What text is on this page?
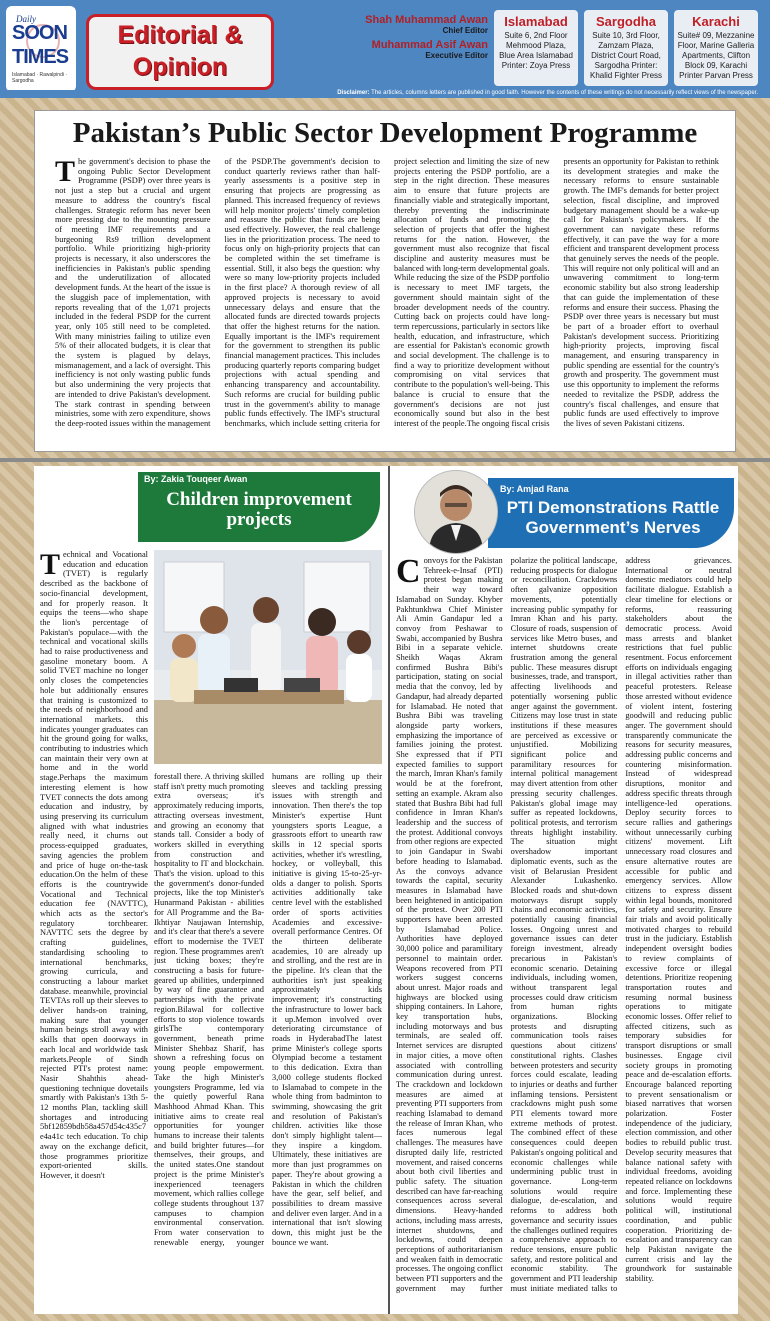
Daily
SOON
TIMES
Islamabad · Rawalpindi · Sargodha
Editorial &
Opinion
Shah Muhammad Awan
Chief Editor
Muhammad Asif Awan
Executive Editor
Islamabad
Suite 6, 2nd Floor Mehmood Plaza, Blue Area Islamabad Printer: Zoya Press
Sargodha
Suite 10, 3rd Floor, Zamzam Plaza, District Court Road, Sargodha Printer: Khalid Fighter Press
Karachi
Suite# 09, Mezzanine Floor, Marine Galleria Apartments, Clifton Block 09, Karachi Printer Parvan Press
Disclaimer: The articles, columns letters are published in good faith. However the contents of these writings do not necessarily reflect views of the newspaper.
Pakistan’s Public Sector Development Programme

The government's decision to phase the ongoing Public Sector Development Programme (PSDP) over three years is not just a step but a crucial and urgent measure to address the country's fiscal challenges. Strategic reform has never been more pressing due to the mounting pressure of meeting IMF requirements and a burgeoning Rs9 trillion development portfolio. While prioritizing high-priority projects is necessary, it also underscores the inefficiencies in Pakistan's public spending and the underutilization of allocated development funds. At the heart of the issue is the sluggish pace of implementation, with reports revealing that of the 1,071 projects included in the federal PSDP for the current year, only 105 still need to be completed. With many ministries failing to utilize even 5% of their allocated budgets, it is clear that the system is plagued by delays, mismanagement, and a lack of oversight. This inefficiency is not only wasting public funds but also undermining the very projects that are intended to drive Pakistan's development. The stark contrast in spending between ministries, some with zero expenditure, shows the deep-rooted issues within the management of the PSDP.The government's decision to conduct quarterly reviews rather than half-yearly assessments is a positive step in ensuring that projects are progressing as planned. This increased frequency of reviews will help monitor projects' timely completion and reassure the public that funds are being used effectively. However, the real challenge lies in the prioritization process. The need to focus only on high-priority projects that can be completed within the set timeframe is essential. Still, it also begs the question: why were so many low-priority projects included in the first place? A thorough review of all approved projects is necessary to avoid unnecessary delays and ensure that the allocated funds are directed towards projects that offer the highest returns for the nation. Equally important is the IMF's requirement for the government to strengthen its public financial management practices. This includes producing quarterly reports comparing budget projections with actual spending and enhancing transparency and accountability. Such reforms are crucial for building public trust in the government's ability to manage public funds effectively. The IMF's structural benchmarks, which include setting criteria for project selection and limiting the size of new projects entering the PSDP portfolio, are a step in the right direction. These measures aim to ensure that future projects are financially viable and strategically important, thereby preventing the indiscriminate allocation of funds and promoting the selection of projects that offer the highest returns for the nation. However, the government must also recognize that fiscal discipline and austerity measures must be balanced with long-term developmental goals. While reducing the size of the PSDP portfolio is necessary to meet IMF targets, the government should maintain sight of the broader development needs of the country. Cutting back on projects could have long-term repercussions, particularly in sectors like health, education, and infrastructure, which are essential for Pakistan's economic growth and social development. The challenge is to find a way to prioritize development without compromising on vital services that contribute to the population's well-being. This balance is crucial to ensure that the government's decisions are not just economically sound but also in the best interest of the people.The ongoing fiscal crisis presents an opportunity for Pakistan to rethink its development strategies and make the necessary reforms to ensure sustainable growth. The IMF's demands for better project selection, fiscal discipline, and improved budgetary management should be a wake-up call for Pakistan's policymakers. If the government can navigate these reforms effectively, it can pave the way for a more efficient and transparent development process that genuinely serves the needs of the people. This will require not only political will and an unwavering commitment to long-term economic stability but also strong leadership that can guide the implementation of these reforms and ensure their success. Phasing the PSDP over three years is necessary but must be part of a broader effort to overhaul Pakistan's development success. Prioritizing high-priority projects, improving fiscal management, and ensuring transparency in public spending are essential for the country's growth and prosperity. The government must use this opportunity to implement the reforms needed to revitalize the PSDP, address the country's fiscal challenges, and ensure that public funds are used effectively to improve the lives of seven Pakistani citizens.

By: Zakia Touqeer Awan
Children improvement projects

Technical and Vocational education and education (TVET) is regularly described as the backbone of socio-financial development, and for properly reason. It equips the teens—who shape the lion's percentage of Pakistan's populace—with the technical and vocational skills had to raise productiveness and gasoline monetary boom. A solid TVET machine no longer only closes the competencies hole but additionally ensures that training is customized to the needs of neighborhood and international markets. this indicates younger graduates can hit the ground going for walks, contributing to industries which can maintain their very own at home and in the world stage.Perhaps the maximum interesting element is how TVET connects the dots among education and industry, by using preserving its curriculum aligned with what industries really need, it churns out process-equipped graduates, saving agencies the problem and price of huge on-the-task education.On the helm of these efforts is the countrywide Vocational and Technical education fee (NAVTTC), which acts as the sector's regulatory torchbearer. NAVTTC sets the degree by crafting guidelines, standardising schooling to international benchmarks, growing curricula, and constructing a labour market database. meanwhile, provincial TEVTAs roll up their sleeves to deliver hands-on training, making sure that younger human beings stroll away with skills that open doorways in each local and worldwide task markets.People of Sindh rejected PTI's protest name: Nasir Shahthis ahead-questioning technique dovetails smartly with Pakistan's 13th 5-12 months Plan, tackling skill shortages and introducing 5bf12859bdb58a457d54c435c7 e4a41c tech education. To chip away on the exchange deficit, those programmes prioritize export-oriented skills. However, it doesn't

forestall there. A thriving skilled staff isn't pretty much promoting extra overseas; it's approximately reducing imports, attracting overseas investment, and growing an economy that stands tall. Consider a body of workers skilled in everything from construction and hospitality to IT and blockchain. That's the vision. upload to this the government's donor-funded projects, like the top Minister's Hunarmand Pakistan - abilities for All Programme and the Ba-Ikhtiyar Naujawan Internship, and it's clear that there's a severe effort to modernise the TVET region. These programmes aren't just ticking boxes; they're constructing a basis for future-geared up abilities, underpinned by way of fine guarantee and partnerships with the private region.Bilawal for collective efforts to stop violence towards girlsThe contemporary government, beneath prime Minister Shehbaz Sharif, has shown a refreshing focus on young people empowerment. Take the high Minister's youngsters Programme, led via the quietly powerful Rana Mashhood Ahmad Khan. This initiative aims to create real opportunities for younger humans to increase their talents and build brighter futures—for themselves, their groups, and the united states.One standout project is the prime Minister's inexperienced teenagers movement, which rallies college college students throughout 137 campuses to champion environmental conservation. From water conservation to renewable energy, younger humans are rolling up their sleeves and tackling pressing issues with strength and innovation. Then there's the top Minister's expertise Hunt youngsters sports League, a grassroots effort to unearth raw skills in 12 special sports activities, whether it's wrestling, hockey, or volleyball, this initiative is giving 15-to-25-yr-olds a danger to polish. Sports activities additionally take centre level with the established order of sports activities Academies and excessive-overall performance Centres. Of the thirteen deliberate academies, 10 are already up and strolling, and the rest are in the pipeline. It's clean that the authorities isn't just speaking approximately kids improvement; it's constructing the infrastructure to lower back it up.Memon involved over deteriorating circumstance of roads in HyderabadThe latest prime Minister's college sports Olympiad become a testament to this dedication. Extra than 3,000 college students flocked to Islamabad to compete in the whole thing from badminton to swimming, showcasing the grit and resolution of Pakistan's children. activities like those don't simply highlight talent—they inspire a kingdom. Ultimately, these initiatives are more than just programmes on paper. They're about growing a Pakistan in which the children have the gear, self belief, and possibilities to dream massive and deliver even larger. And in a international that isn't slowing down, this might just be the bounce we want.

By: Amjad Rana
PTI Demonstrations Rattle Government’s Nerves

Convoys for the Pakistan Tehreek-e-Insaf (PTI) protest began making their way toward Islamabad on Sunday. Khyber Pakhtunkhwa Chief Minister Ali Amin Gandapur led a convoy from Peshawar to Swabi, accompanied by Bushra Bibi in a separate vehicle. Sheikh Waqas Akram confirmed Bushra Bibi's participation, stating on social media that the convoy, led by Gandapur, had already departed for Islamabad. He noted that Bushra Bibi was traveling alongside party workers, emphasizing the importance of families joining the protest. She expressed that if PTI expected families to support the march, Imran Khan's family would be at the forefront, setting an example. Akram also stated that Bushra Bibi had full confidence in Imran Khan's leadership and the success of the protest. Additional convoys from other regions are expected to join Gandapur in Swabi before heading to Islamabad. As the convoys advance towards the capital, security measures in Islamabad have been heightened in anticipation of the protest. Over 200 PTI supporters have been arrested by Islamabad Police. Authorities have deployed 30,000 police and paramilitary personnel to maintain order. Weapons recovered from PTI workers suggest concerns about unrest. Major roads and highways are blocked using shipping containers. In Lahore, key transportation hubs, including motorways and bus terminals, are sealed off. Internet services are disrupted in major cities, a move often associated with controlling communication during unrest. The crackdown and lockdown measures are aimed at preventing PTI supporters from reaching Islamabad to demand the release of Imran Khan, who faces numerous legal challenges. The measures have disrupted daily life, restricted movement, and raised concerns about both civil liberties and public safety. The situation described can have far-reaching consequences across several dimensions. Heavy-handed actions, including mass arrests, internet shutdowns, and lockdowns, could deepen perceptions of authoritarianism and weaken faith in democratic processes. The ongoing conflict between PTI supporters and the government may further polarize the political landscape, reducing prospects for dialogue or reconciliation. Crackdowns often galvanize opposition movements, potentially increasing public sympathy for Imran Khan and his party. Closure of roads, suspension of services like Metro buses, and internet shutdowns create frustration among the general public. These measures disrupt businesses, trade, and transport, affecting livelihoods and potentially worsening public anger against the government. Citizens may lose trust in state institutions if these measures are perceived as excessive or unjustified. Mobilizing significant police and paramilitary resources for internal political management may divert attention from other pressing security challenges. Pakistan's global image may suffer as repeated lockdowns, political protests, and terrorism threats highlight instability. The situation might overshadow important diplomatic events, such as the visit of Belarusian President Alexander Lukashenko. Blocked roads and shut-down motorways disrupt supply chains and economic activities, potentially causing financial losses. Ongoing unrest and governance issues can deter foreign investment, already precarious in Pakistan's economic scenario. Detaining individuals, including women, without transparent legal processes could draw criticism from human rights organizations. Blocking protests and disrupting communication tools raises questions about citizens' constitutional rights. Clashes between protesters and security forces could escalate, leading to injuries or deaths and further inflaming tensions. Persistent crackdowns might push some PTI elements toward more extreme methods of protest. The combined effect of these consequences could deepen Pakistan's ongoing political and economic challenges while undermining public trust in governance. Long-term solutions would require dialogue, de-escalation, and reforms to address both governance and security issues the challenges outlined requires a comprehensive approach to reduce tensions, ensure public safety, and restore political and economic stability. The government and PTI leadership must initiate mediated talks to address grievances. International or neutral domestic mediators could help facilitate dialogue. Establish a clear timeline for elections or reforms, reassuring stakeholders about the democratic process. Avoid mass arrests and blanket restrictions that fuel public resentment. Focus enforcement efforts on individuals engaging in illegal activities rather than peaceful protesters. Release those arrested without evidence of violent intent, fostering goodwill and reducing public anger. The government should transparently communicate the reasons for security measures, addressing public concerns and countering misinformation. Instead of widespread disruptions, monitor and address specific threats through intelligence-led operations. Deploy security forces to secure rallies and gatherings without unnecessarily curbing citizens' movement. Lift unnecessary road closures and ensure alternative routes are accessible for public and emergency services. Allow citizens to express dissent within legal bounds, monitored for safety and security. Ensure fair trials and avoid politically motivated charges to rebuild trust in the judiciary. Establish independent oversight bodies to review complaints of excessive force or illegal detentions. Prioritize reopening transportation routes and resuming normal business operations to mitigate economic losses. Offer relief to affected citizens, such as temporary subsidies for transport disruptions or small businesses. Engage civil society groups in promoting peace and de-escalation efforts. Encourage balanced reporting to prevent sensationalism or biased narratives that worsen polarization. Foster independence of the judiciary, election commission, and other bodies to rebuild public trust. Develop security measures that balance national safety with individual freedoms, avoiding repeated reliance on lockdowns and force. Implementing these solutions would require political will, institutional coordination, and public cooperation. Prioritizing de-escalation and transparency can help Pakistan navigate the current crisis and lay the groundwork for sustainable stability.
